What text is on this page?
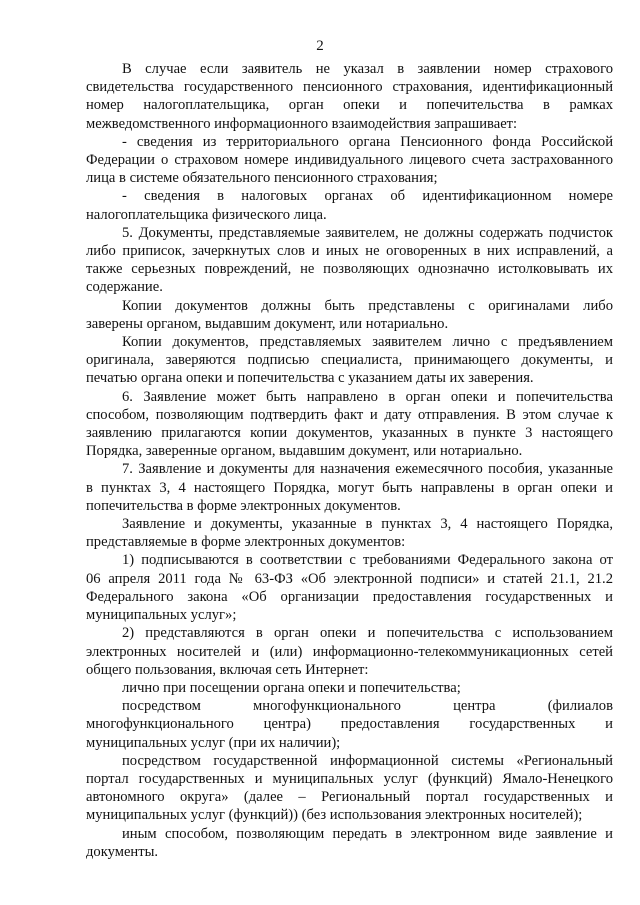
2

В случае если заявитель не указал в заявлении номер страхового

свидетельства государственного пенсионного страхования, идентификационный

номер налогоплательщика, орган опеки и попечительства в рамках

межведомственного информационного взаимодействия запрашивает:

- сведения из территориального органа Пенсионного фонда Российской

Федерации о страховом номере индивидуального лицевого счета застрахованного

лица в системе обязательного пенсионного страхования;

- сведения в налоговых органах об идентификационном номере

налогоплательщика физического лица.

5. Документы, представляемые заявителем, не должны содержать подчисток

либо приписок, зачеркнутых слов и иных не оговоренных в них исправлений, а

также серьезных повреждений, не позволяющих однозначно истолковывать их

содержание.

Копии документов должны быть представлены с оригиналами либо

заверены органом, выдавшим документ, или нотариально.

Копии документов, представляемых заявителем лично с предъявлением

оригинала, заверяются подписью специалиста, принимающего документы, и

печатью органа опеки и попечительства с указанием даты их заверения.

6. Заявление может быть направлено в орган опеки и попечительства

способом, позволяющим подтвердить факт и дату отправления. В этом случае к

заявлению прилагаются копии документов, указанных в пункте 3 настоящего

Порядка, заверенные органом, выдавшим документ, или нотариально.

7. Заявление и документы для назначения ежемесячного пособия, указанные

в пунктах 3, 4 настоящего Порядка, могут быть направлены в орган опеки и

попечительства в форме электронных документов.

Заявление и документы, указанные в пунктах 3, 4 настоящего Порядка,

представляемые в форме электронных документов:

1) подписываются в соответствии с требованиями Федерального закона от

06 апреля 2011 года № 63-ФЗ «Об электронной подписи» и статей 21.1, 21.2

Федерального закона «Об организации предоставления государственных и

муниципальных услуг»;

2) представляются в орган опеки и попечительства с использованием

электронных носителей и (или) информационно-телекоммуникационных сетей

общего пользования, включая сеть Интернет:

лично при посещении органа опеки и попечительства;

посредством многофункционального центра (филиалов

многофункционального центра) предоставления государственных и

муниципальных услуг (при их наличии);

посредством государственной информационной системы «Региональный

портал государственных и муниципальных услуг (функций) Ямало-Ненецкого

автономного округа» (далее – Региональный портал государственных и

муниципальных услуг (функций)) (без использования электронных носителей);

иным способом, позволяющим передать в электронном виде заявление и

документы.
